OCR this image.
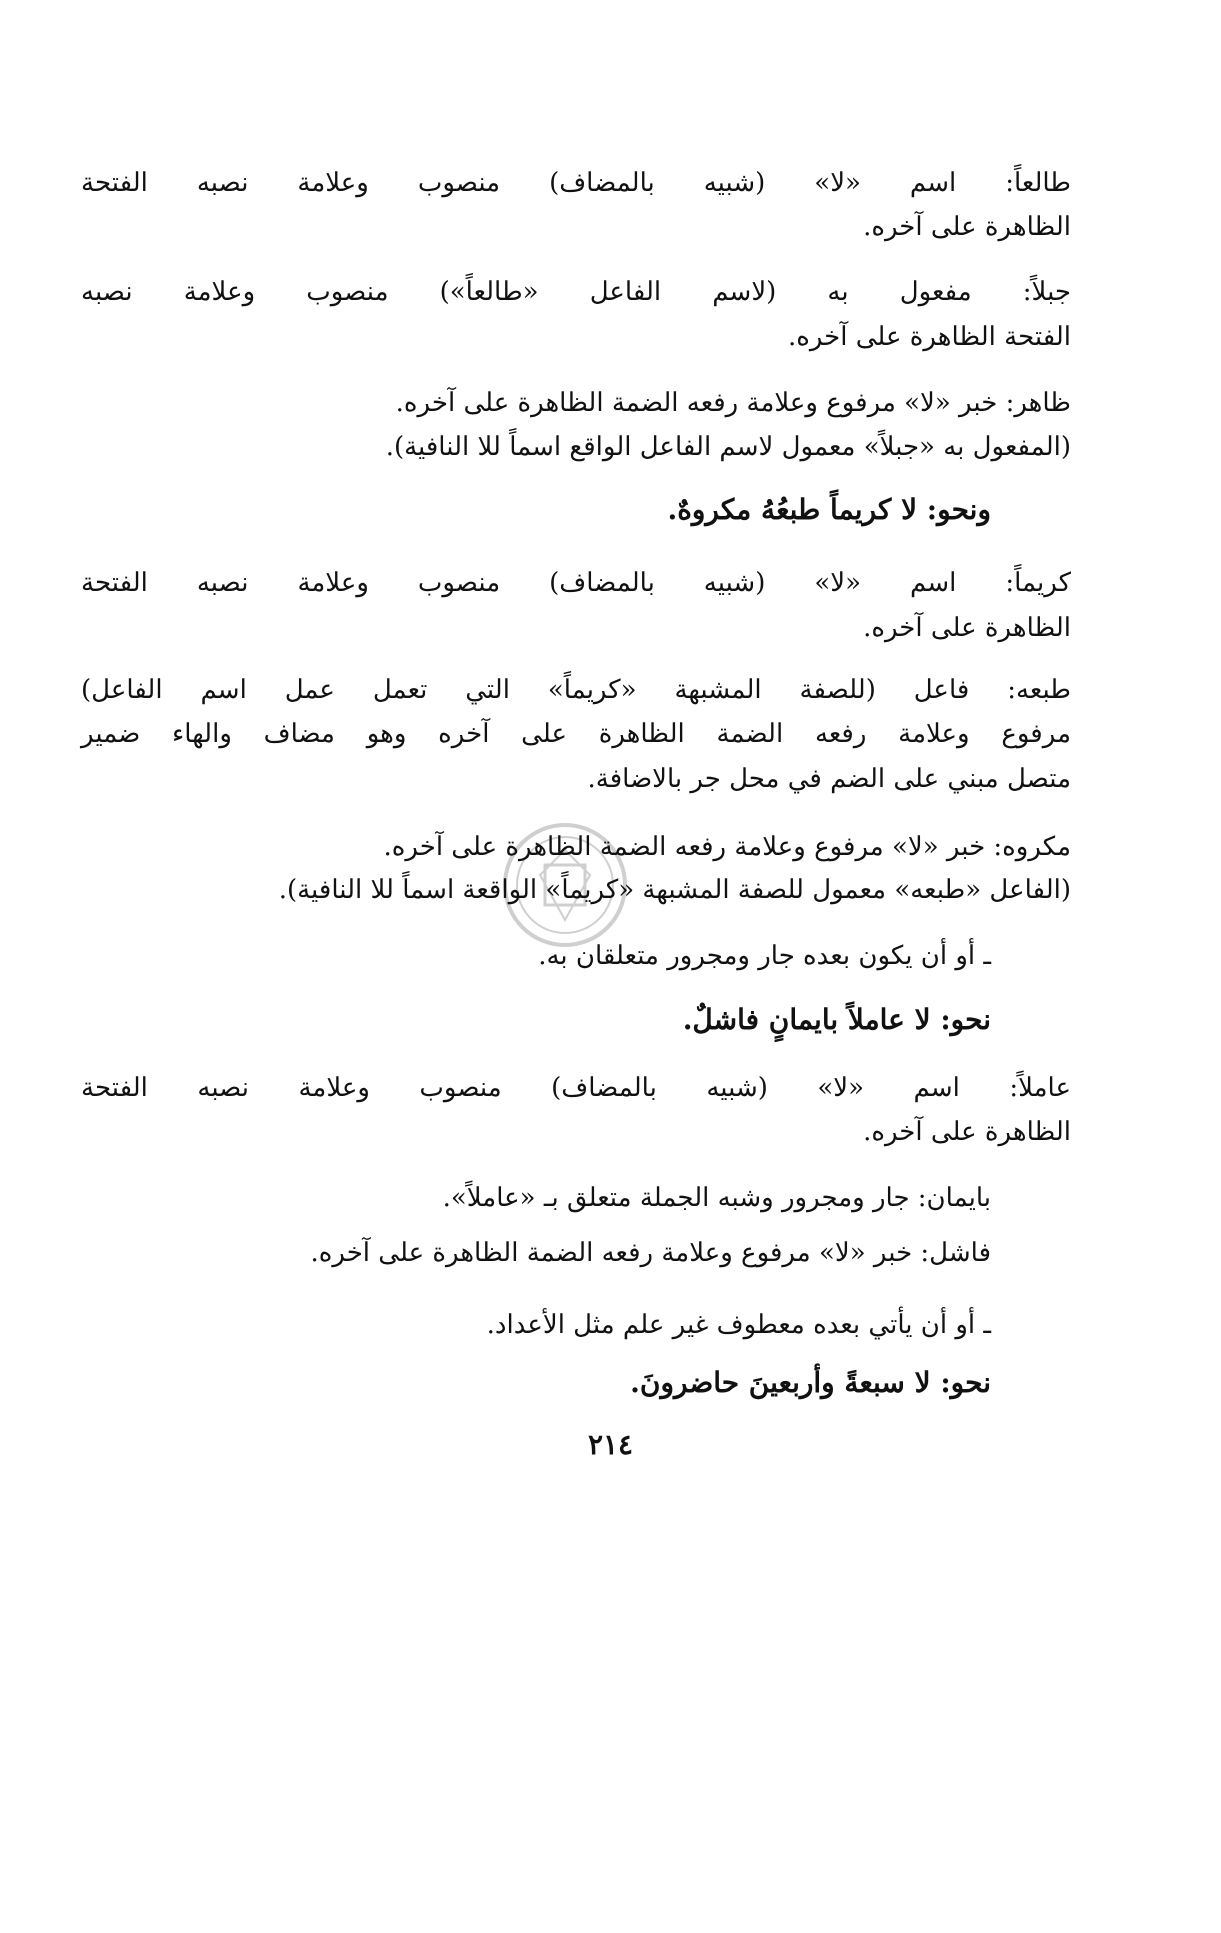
طالعاً: اسم «لا» (شبيه بالمضاف) منصوب وعلامة نصبه الفتحة
الظاهرة على آخره.
جبلاً: مفعول به (لاسم الفاعل «طالعاً») منصوب وعلامة نصبه
الفتحة الظاهرة على آخره.
ظاهر: خبر «لا» مرفوع وعلامة رفعه الضمة الظاهرة على آخره.
(المفعول به «جبلاً» معمول لاسم الفاعل الواقع اسماً للا النافية).
ونحو: لا كريماً طبعُهُ مكروهٌ.
كريماً: اسم «لا» (شبيه بالمضاف) منصوب وعلامة نصبه الفتحة
الظاهرة على آخره.
طبعه: فاعل (للصفة المشبهة «كريماً» التي تعمل عمل اسم الفاعل)
مرفوع وعلامة رفعه الضمة الظاهرة على آخره وهو مضاف والهاء ضمير
متصل مبني على الضم في محل جر بالاضافة.
مكروه: خبر «لا» مرفوع وعلامة رفعه الضمة الظاهرة على آخره.
(الفاعل «طبعه» معمول للصفة المشبهة «كريماً» الواقعة اسماً للا النافية).
ـ أو أن يكون بعده جار ومجرور متعلقان به.
نحو: لا عاملاً بايمانٍ فاشلٌ.
عاملاً: اسم «لا» (شبيه بالمضاف) منصوب وعلامة نصبه الفتحة
الظاهرة على آخره.
بايمان: جار ومجرور وشبه الجملة متعلق بـ «عاملاً».
فاشل: خبر «لا» مرفوع وعلامة رفعه الضمة الظاهرة على آخره.
ـ أو أن يأتي بعده معطوف غير علم مثل الأعداد.
نحو: لا سبعةً وأربعينَ حاضرونَ.
٢١٤
